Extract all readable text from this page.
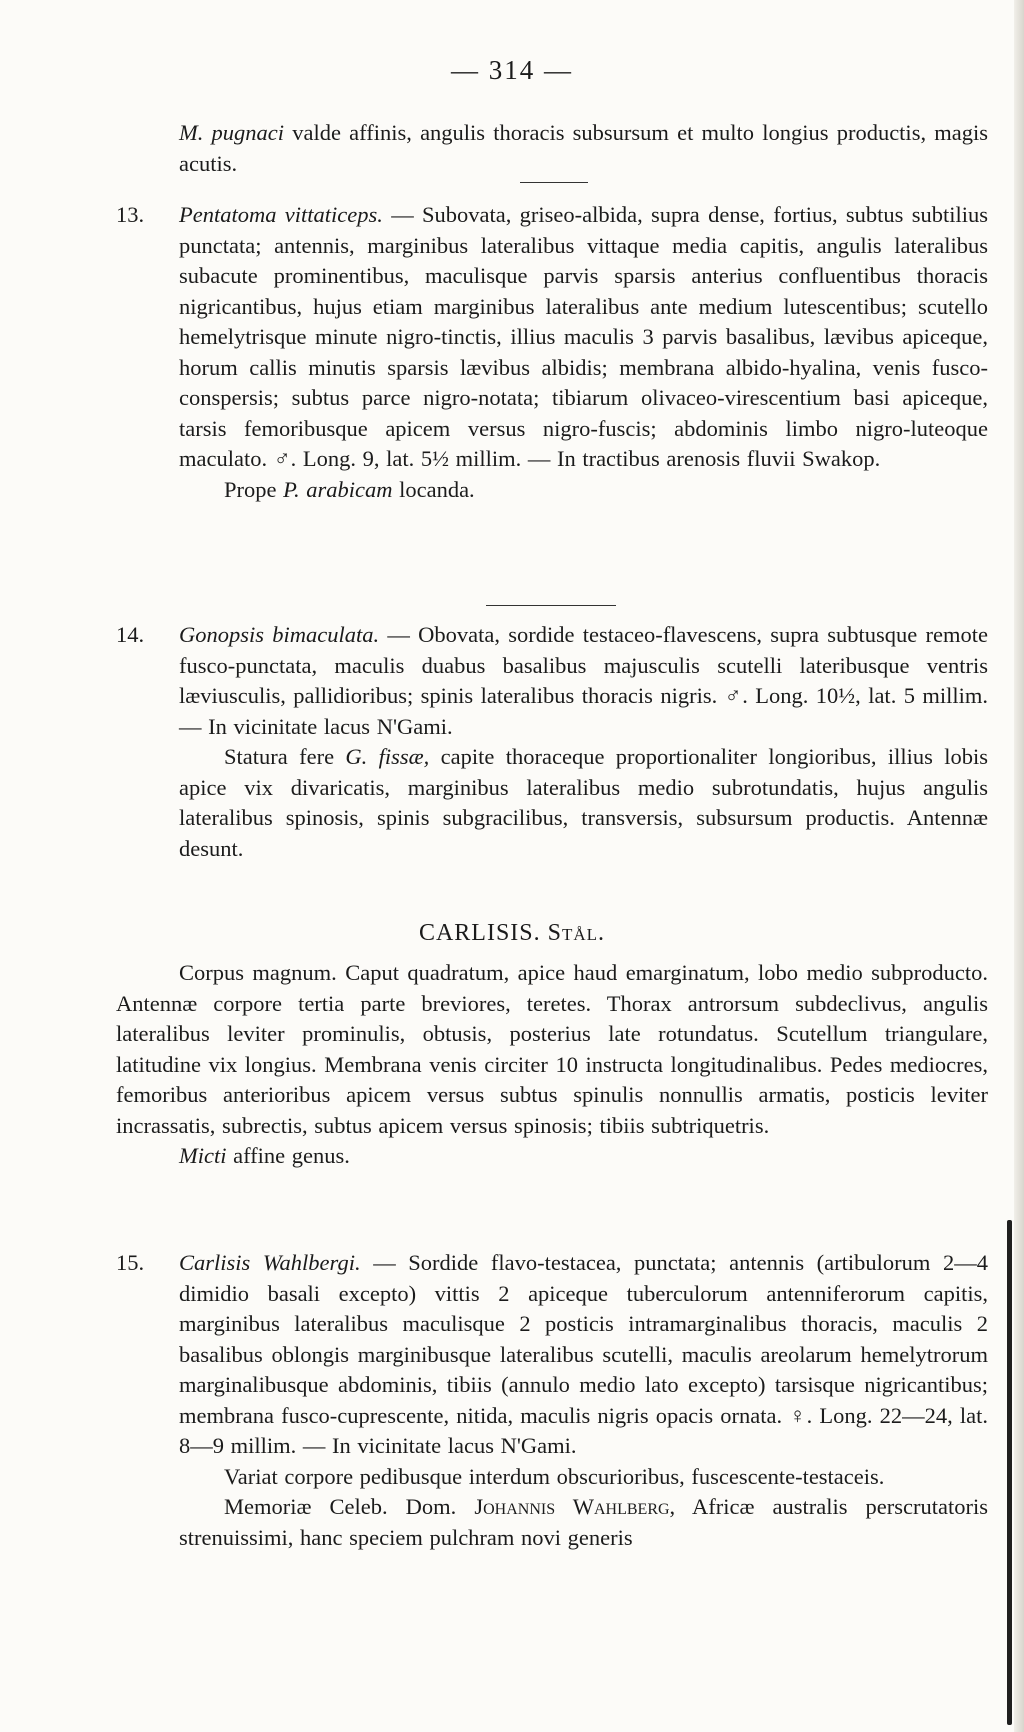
— 314 —

M. pugnaci valde affinis, angulis thoracis subsursum et multo longius productis, magis acutis.

13.	Pentatoma vittaticeps. — Subovata, griseo-albida, supra dense, fortius, subtus subtilius punctata; antennis, marginibus lateralibus vittaque media capitis, angulis lateralibus subacute prominentibus, maculisque parvis sparsis anterius confluentibus thoracis nigricantibus, hujus etiam marginibus lateralibus ante medium lutescentibus; scutello hemelytrisque minute nigro-tinctis, illius maculis 3 parvis basalibus, lævibus apiceque, horum callis minutis sparsis lævibus albidis; membrana albido-hyalina, venis fusco-conspersis; subtus parce nigro-notata; tibiarum olivaceo-virescentium basi apiceque, tarsis femoribusque apicem versus nigro-fuscis; abdominis limbo nigro-luteoque maculato. ♂. Long. 9, lat. 5½ millim. — In tractibus arenosis fluvii Swakop.

Prope P. arabicam locanda.

14.	Gonopsis bimaculata. — Obovata, sordide testaceo-flavescens, supra subtusque remote fusco-punctata, maculis duabus basalibus majusculis scutelli lateribusque ventris læviusculis, pallidioribus; spinis lateralibus thoracis nigris. ♂. Long. 10½, lat. 5 millim. — In vicinitate lacus N'Gami.

Statura fere G. fissæ, capite thoraceque proportionaliter longioribus, illius lobis apice vix divaricatis, marginibus lateralibus medio subrotundatis, hujus angulis lateralibus spinosis, spinis subgracilibus, transversis, subsursum productis. Antennæ desunt.

CARLISIS. Stål.

Corpus magnum. Caput quadratum, apice haud emarginatum, lobo medio subproducto. Antennæ corpore tertia parte breviores, teretes. Thorax antrorsum subdeclivus, angulis lateralibus leviter prominulis, obtusis, posterius late rotundatus. Scutellum triangulare, latitudine vix longius. Membrana venis circiter 10 instructa longitudinalibus. Pedes mediocres, femoribus anterioribus apicem versus subtus spinulis nonnullis armatis, posticis leviter incrassatis, subrectis, subtus apicem versus spinosis; tibiis subtriquetris.

Micti affine genus.

15.	Carlisis Wahlbergi. — Sordide flavo-testacea, punctata; antennis (artibulorum 2—4 dimidio basali excepto) vittis 2 apiceque tuberculorum antenniferorum capitis, marginibus lateralibus maculisque 2 posticis intramarginalibus thoracis, maculis 2 basalibus oblongis marginibusque lateralibus scutelli, maculis areolarum hemelytrorum marginalibusque abdominis, tibiis (annulo medio lato excepto) tarsisque nigricantibus; membrana fusco-cuprescente, nitida, maculis nigris opacis ornata. ♀. Long. 22—24, lat. 8—9 millim. — In vicinitate lacus N'Gami.

Variat corpore pedibusque interdum obscurioribus, fuscescente-testaceis.

Memoriæ Celeb. Dom. Johannis Wahlberg, Africæ australis perscrutatoris strenuissimi, hanc speciem pulchram novi generis
